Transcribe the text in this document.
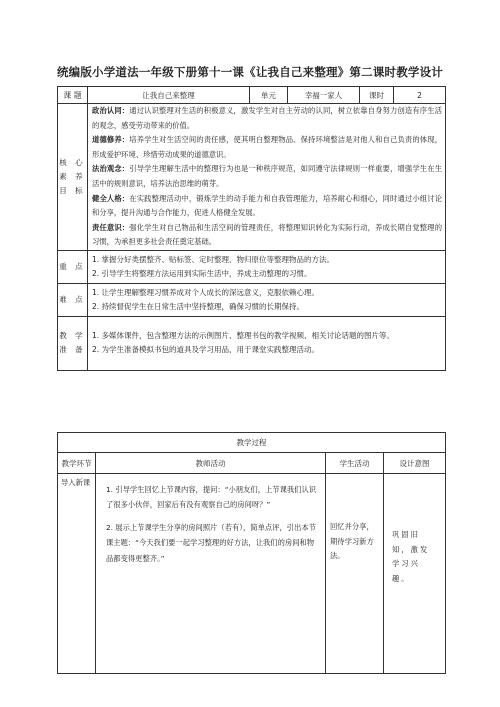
统编版小学道法一年级下册第十一课《让我自己来整理》第二课时教学设计
课 题	让我自己来整理	单元	幸福一家人	课时	2
核 心 素 养 目 标	政治认同：通过认识整理对生活的积极意义，激发学生对自主劳动的认同，树立依靠自身努力创造有序生活的观念，感受劳动带来的价值。
道德修养：培养学生对生活空间的责任感，使其明白整理物品、保持环境整洁是对他人和自己负责的体现，形成爱护环境、珍惜劳动成果的道德意识。
法治观念：引导学生理解生活中的整理行为也是一种秩序规范，如同遵守法律规则一样重要，增强学生在生活中的规则意识，培养法治思维的萌芽。
健全人格：在实践整理活动中，锻炼学生的动手能力和自我管理能力，培养耐心和细心，同时通过小组讨论和分享，提升沟通与合作能力，促进人格健全发展。
责任意识：强化学生对自己物品和生活空间的管理责任，将整理知识转化为实际行动，养成长期自觉整理的习惯，为承担更多社会责任奠定基础。				

重 点	1. 掌握分好类摆整齐、贴标签、定时整理、物归原位等整理物品的方法。

2. 引导学生将整理方法运用到实际生活中，养成主动整理的习惯。				

难 点	1. 让学生理解整理习惯养成对个人成长的深远意义，克服依赖心理。

2. 持续督促学生在日常生活中坚持整理，确保习惯的长期保持。				

教 学 准 备	1. 多媒体课件，包含整理方法的示例图片、整理书包的教学视频、相关讨论话题的图片等。

2. 为学生准备模拟书包的道具及学习用品，用于课堂实践整理活动。				

教学过程			
教学环节	教师活动	学生活动	设计意图
导入新课	1. 引导学生回忆上节课内容，提问：“小朋友们，上节课我们认识了很多小伙伴，回家后有没有观察自己的房间呀？”

2. 展示上节课学生分享的房间照片（若有），简单点评，引出本节课主题：“今天我们要一起学习整理的好方法，让我们的房间和物品都变得更整齐。”	回忆并分享，期待学习新方法。	巩固旧知，激发学习兴趣。
